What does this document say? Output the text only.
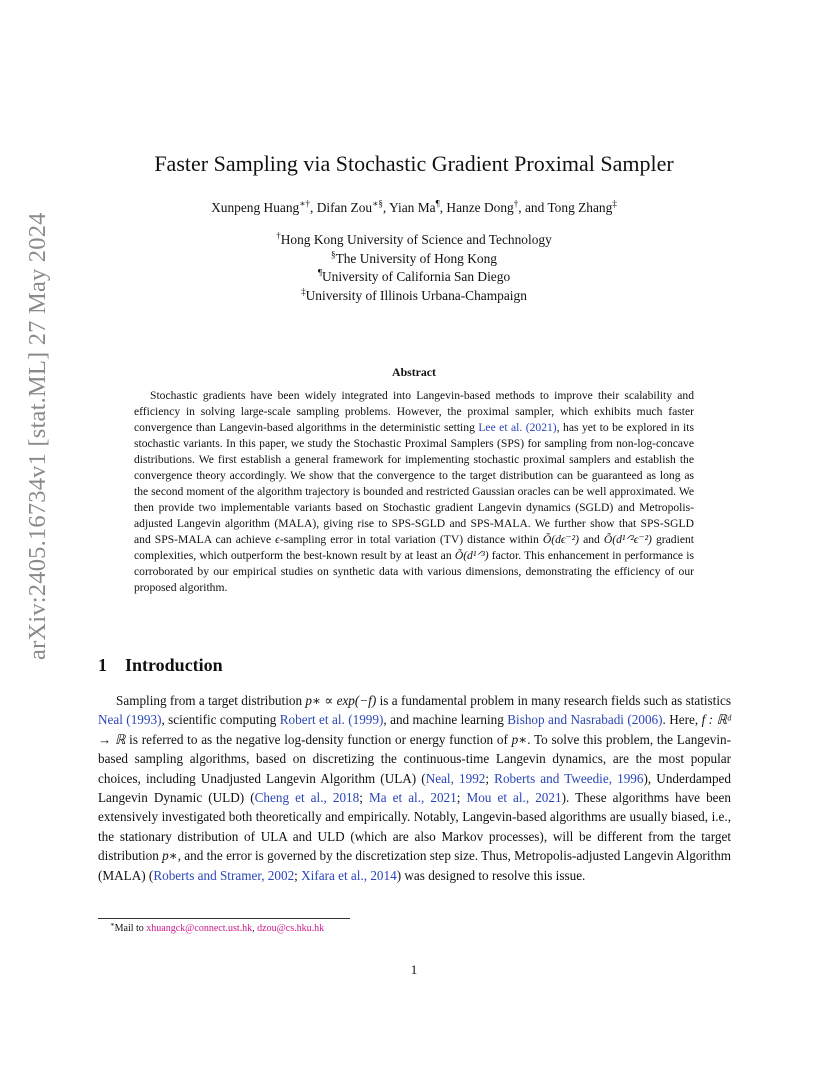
arXiv:2405.16734v1 [stat.ML] 27 May 2024
Faster Sampling via Stochastic Gradient Proximal Sampler
Xunpeng Huang∗†, Difan Zou∗§, Yian Ma¶, Hanze Dong†, and Tong Zhang‡
†Hong Kong University of Science and Technology
§The University of Hong Kong
¶University of California San Diego
‡University of Illinois Urbana-Champaign
Abstract
Stochastic gradients have been widely integrated into Langevin-based methods to improve their scalability and efficiency in solving large-scale sampling problems. However, the proximal sampler, which exhibits much faster convergence than Langevin-based algorithms in the deterministic setting Lee et al. (2021), has yet to be explored in its stochastic variants. In this paper, we study the Stochastic Proximal Samplers (SPS) for sampling from non-log-concave distributions. We first establish a general framework for implementing stochastic proximal samplers and establish the convergence theory accordingly. We show that the convergence to the target distribution can be guaranteed as long as the second moment of the algorithm trajectory is bounded and restricted Gaussian oracles can be well approximated. We then provide two implementable variants based on Stochastic gradient Langevin dynamics (SGLD) and Metropolis-adjusted Langevin algorithm (MALA), giving rise to SPS-SGLD and SPS-MALA. We further show that SPS-SGLD and SPS-MALA can achieve ϵ-sampling error in total variation (TV) distance within Õ(dϵ⁻²) and Õ(d¹ᐟ²ϵ⁻²) gradient complexities, which outperform the best-known result by at least an Õ(d¹ᐟ³) factor. This enhancement in performance is corroborated by our empirical studies on synthetic data with various dimensions, demonstrating the efficiency of our proposed algorithm.
1 Introduction
Sampling from a target distribution p∗ ∝ exp(−f) is a fundamental problem in many research fields such as statistics Neal (1993), scientific computing Robert et al. (1999), and machine learning Bishop and Nasrabadi (2006). Here, f : ℝᵈ → ℝ is referred to as the negative log-density function or energy function of p∗. To solve this problem, the Langevin-based sampling algorithms, based on discretizing the continuous-time Langevin dynamics, are the most popular choices, including Unadjusted Langevin Algorithm (ULA) (Neal, 1992; Roberts and Tweedie, 1996), Underdamped Langevin Dynamic (ULD) (Cheng et al., 2018; Ma et al., 2021; Mou et al., 2021). These algorithms have been extensively investigated both theoretically and empirically. Notably, Langevin-based algorithms are usually biased, i.e., the stationary distribution of ULA and ULD (which are also Markov processes), will be different from the target distribution p∗, and the error is governed by the discretization step size. Thus, Metropolis-adjusted Langevin Algorithm (MALA) (Roberts and Stramer, 2002; Xifara et al., 2014) was designed to resolve this issue.
∗Mail to xhuangck@connect.ust.hk, dzou@cs.hku.hk
1
